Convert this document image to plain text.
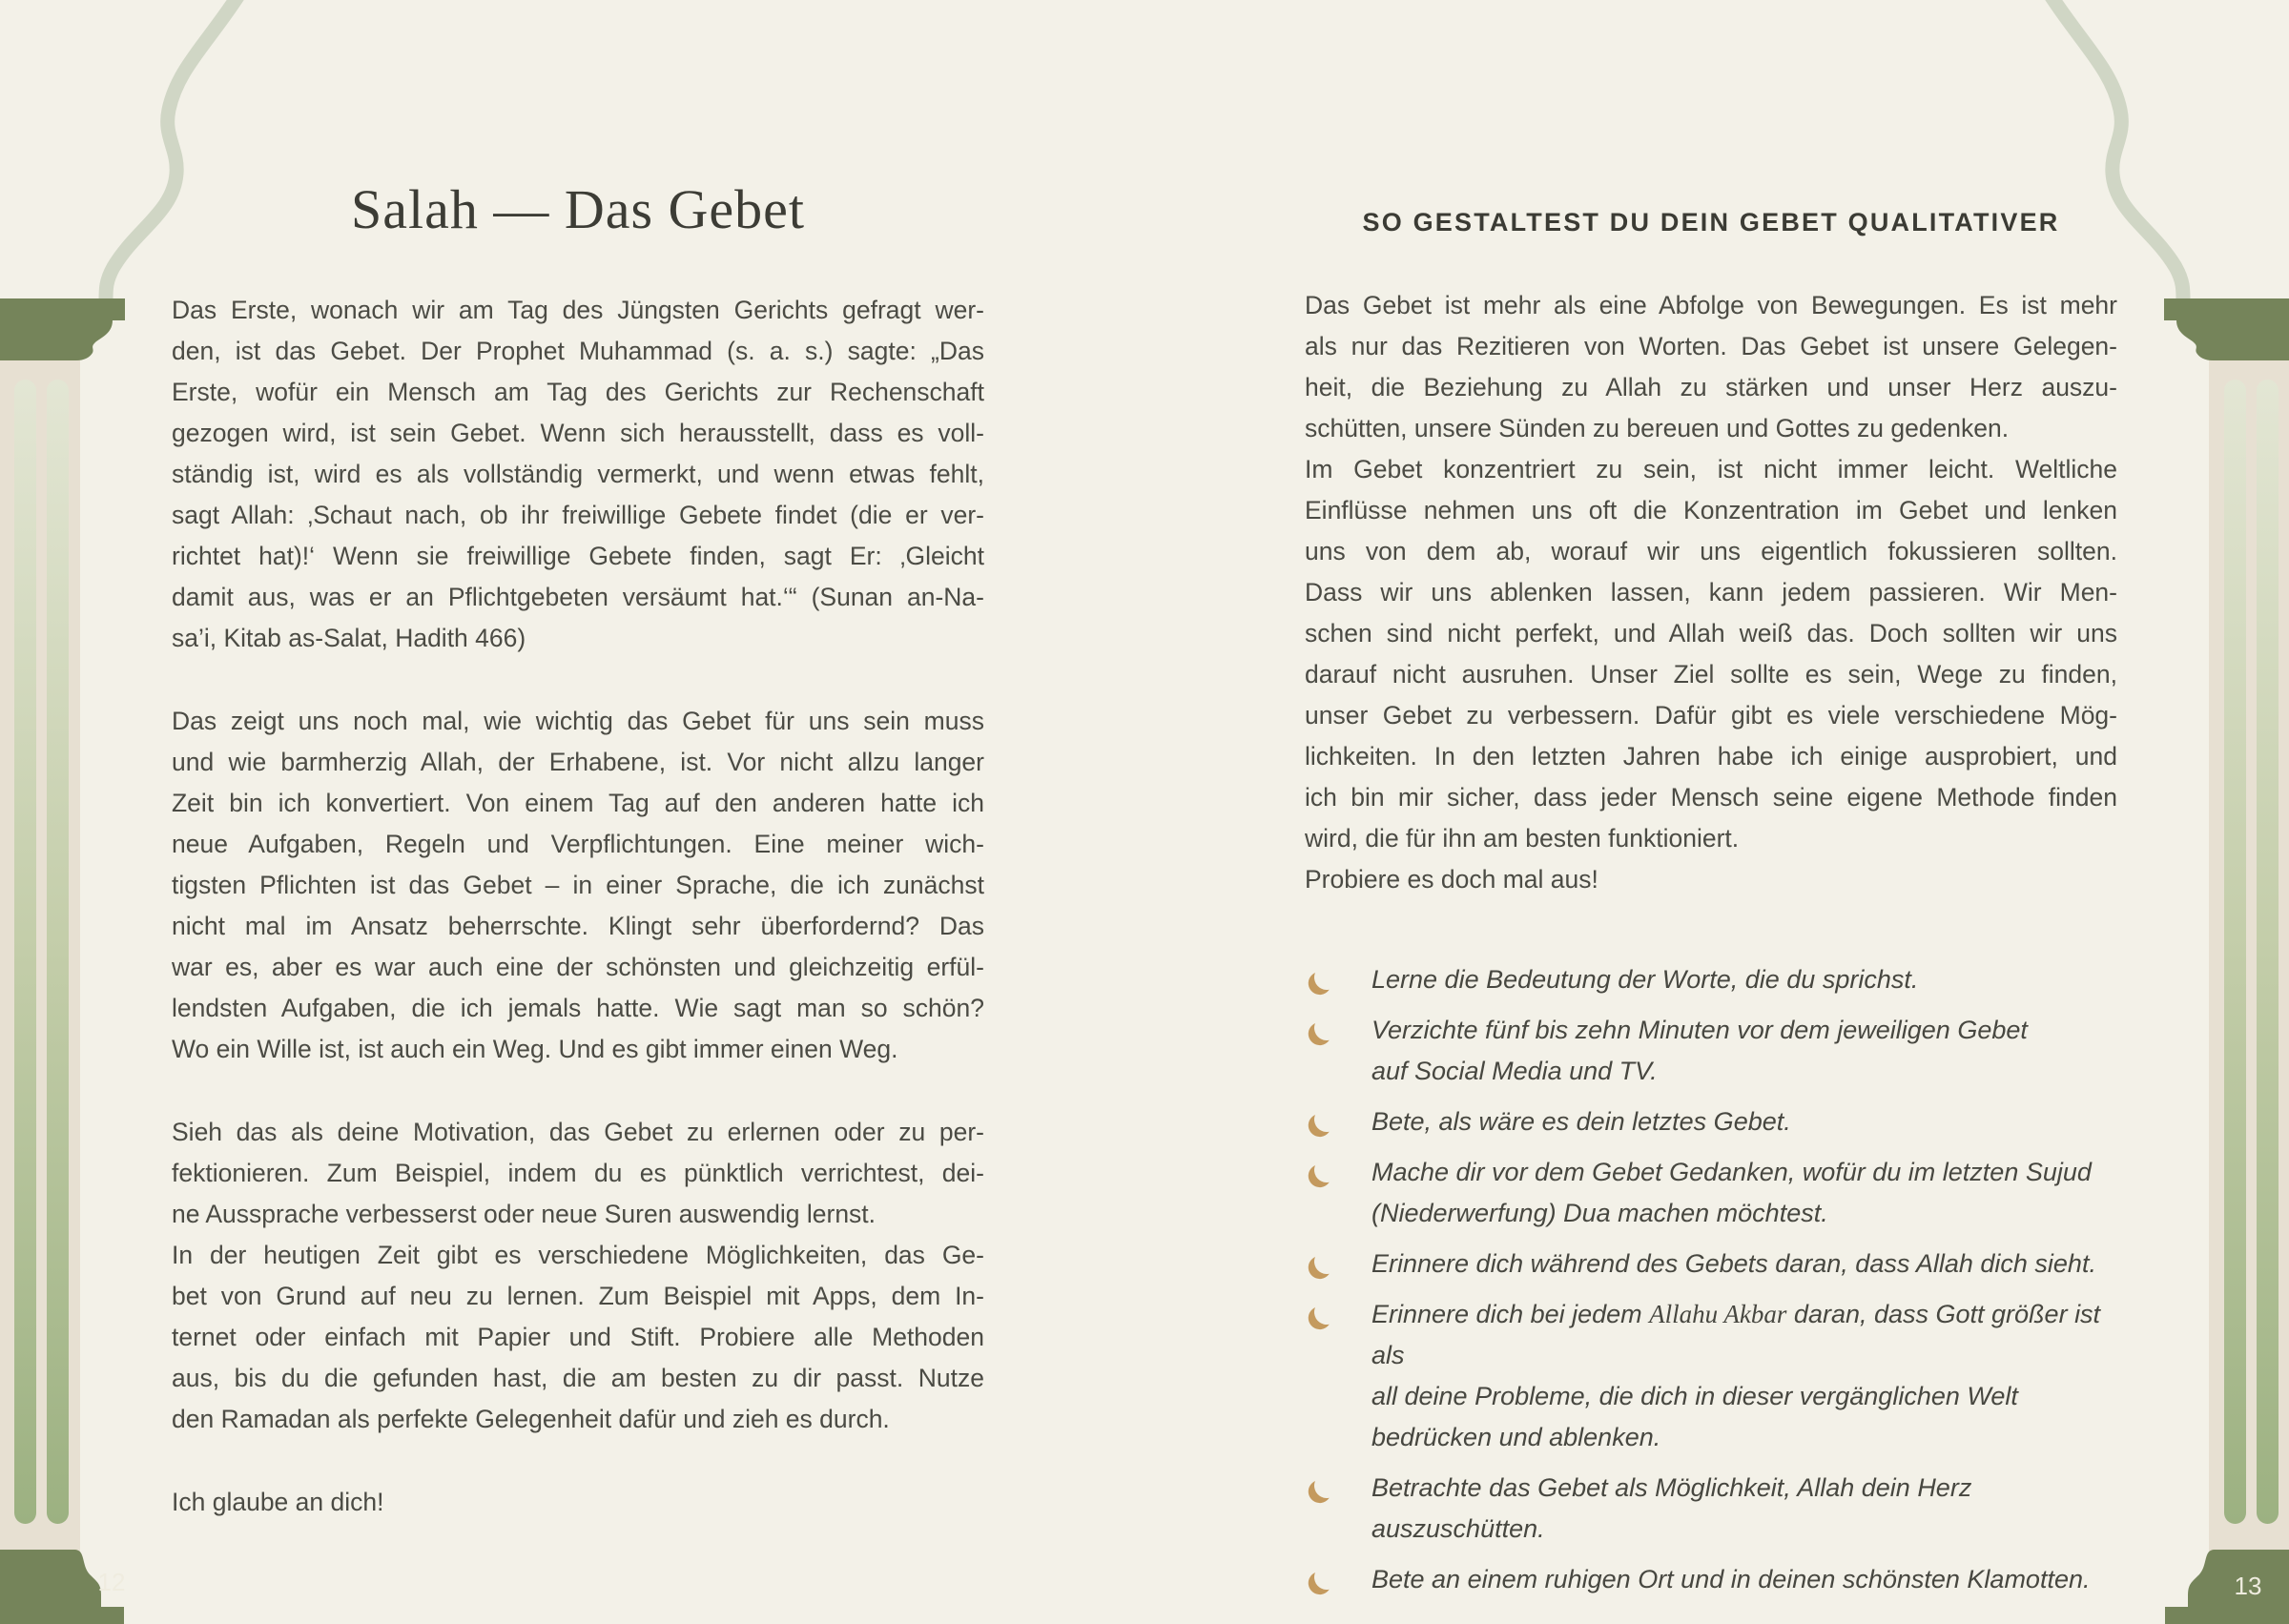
Salah — Das Gebet
Das Erste, wonach wir am Tag des Jüngsten Gerichts gefragt wer-
den, ist das Gebet. Der Prophet Muhammad (s. a. s.) sagte: „Das
Erste, wofür ein Mensch am Tag des Gerichts zur Rechenschaft
gezogen wird, ist sein Gebet. Wenn sich herausstellt, dass es voll-
ständig ist, wird es als vollständig vermerkt, und wenn etwas fehlt,
sagt Allah: ‚Schaut nach, ob ihr freiwillige Gebete findet (die er ver-
richtet hat)!‘ Wenn sie freiwillige Gebete finden, sagt Er: ‚Gleicht
damit aus, was er an Pflichtgebeten versäumt hat.‘“ (Sunan an-Na-
sa’i, Kitab as-Salat, Hadith 466)
Das zeigt uns noch mal, wie wichtig das Gebet für uns sein muss
und wie barmherzig Allah, der Erhabene, ist. Vor nicht allzu langer
Zeit bin ich konvertiert. Von einem Tag auf den anderen hatte ich
neue Aufgaben, Regeln und Verpflichtungen. Eine meiner wich-
tigsten Pflichten ist das Gebet – in einer Sprache, die ich zunächst
nicht mal im Ansatz beherrschte. Klingt sehr überfordernd? Das
war es, aber es war auch eine der schönsten und gleichzeitig erfül-
lendsten Aufgaben, die ich jemals hatte. Wie sagt man so schön?
Wo ein Wille ist, ist auch ein Weg. Und es gibt immer einen Weg.
Sieh das als deine Motivation, das Gebet zu erlernen oder zu per-
fektionieren. Zum Beispiel, indem du es pünktlich verrichtest, dei-
ne Aussprache verbesserst oder neue Suren auswendig lernst.
In der heutigen Zeit gibt es verschiedene Möglichkeiten, das Ge-
bet von Grund auf neu zu lernen. Zum Beispiel mit Apps, dem In-
ternet oder einfach mit Papier und Stift. Probiere alle Methoden
aus, bis du die gefunden hast, die am besten zu dir passt. Nutze
den Ramadan als perfekte Gelegenheit dafür und zieh es durch.
Ich glaube an dich!
12
SO GESTALTEST DU DEIN GEBET QUALITATIVER
Das Gebet ist mehr als eine Abfolge von Bewegungen. Es ist mehr
als nur das Rezitieren von Worten. Das Gebet ist unsere Gelegen-
heit, die Beziehung zu Allah zu stärken und unser Herz auszu-
schütten, unsere Sünden zu bereuen und Gottes zu gedenken.
Im Gebet konzentriert zu sein, ist nicht immer leicht. Weltliche
Einflüsse nehmen uns oft die Konzentration im Gebet und lenken
uns von dem ab, worauf wir uns eigentlich fokussieren sollten.
Dass wir uns ablenken lassen, kann jedem passieren. Wir Men-
schen sind nicht perfekt, und Allah weiß das. Doch sollten wir uns
darauf nicht ausruhen. Unser Ziel sollte es sein, Wege zu finden,
unser Gebet zu verbessern. Dafür gibt es viele verschiedene Mög-
lichkeiten. In den letzten Jahren habe ich einige ausprobiert, und
ich bin mir sicher, dass jeder Mensch seine eigene Methode finden
wird, die für ihn am besten funktioniert.
Probiere es doch mal aus!
Lerne die Bedeutung der Worte, die du sprichst.
Verzichte fünf bis zehn Minuten vor dem jeweiligen Gebet
auf Social Media und TV.
Bete, als wäre es dein letztes Gebet.
Mache dir vor dem Gebet Gedanken, wofür du im letzten Sujud
(Niederwerfung) Dua machen möchtest.
Erinnere dich während des Gebets daran, dass Allah dich sieht.
Erinnere dich bei jedem Allahu Akbar daran, dass Gott größer ist als
all deine Probleme, die dich in dieser vergänglichen Welt
bedrücken und ablenken.
Betrachte das Gebet als Möglichkeit, Allah dein Herz auszuschütten.
Bete an einem ruhigen Ort und in deinen schönsten Klamotten.	13
